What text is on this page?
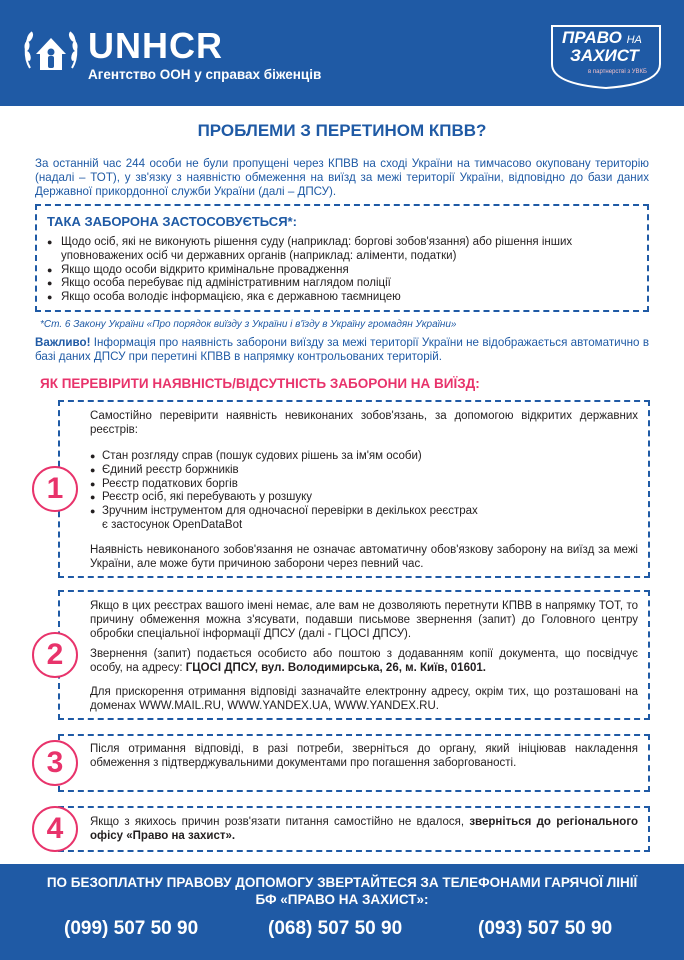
UNHCR
Агентство ООН у справах біженців
ПРАВО НА
ЗАХИСТ
в партнерстві з УВКБ
ПРОБЛЕМИ З ПЕРЕТИНОМ КПВВ?
За останній час 244 особи не були пропущені через КПВВ на сході України на тимчасово окуповану територію (надалі – ТОТ), у зв'язку з наявністю обмеження на виїзд за межі території України, відповідно до бази даних Державної прикордонної служби України (далі – ДПСУ).
ТАКА ЗАБОРОНА ЗАСТОСОВУЄТЬСЯ*:
● Щодо осіб, які не виконують рішення суду (наприклад: боргові зобов'язання) або рішення інших уповноважених осіб чи державних органів (наприклад: аліменти, податки)
● Якщо щодо особи відкрито кримінальне провадження
● Якщо особа перебуває під адміністративним наглядом поліції
● Якщо особа володіє інформацією, яка є державною таємницею
*Ст. 6 Закону України «Про порядок виїзду з України і в'їзду в Україну громадян України»
Важливо! Інформація про наявність заборони виїзду за межі території України не відображається автоматично в базі даних ДПСУ при перетині КПВВ в напрямку контрольованих територій.
ЯК ПЕРЕВІРИТИ НАЯВНІСТЬ/ВІДСУТНІСТЬ ЗАБОРОНИ НА ВИЇЗД:
Самостійно перевірити наявність невиконаних зобов'язань, за допомогою відкритих державних реєстрів:
● Стан розгляду справ (пошук судових рішень за ім'ям особи)
● Єдиний реєстр боржників
● Реєстр податкових боргів
● Реєстр осіб, які перебувають у розшуку
● Зручним інструментом для одночасної перевірки в декількох реєстрах
є застосунок OpenDataBot
Наявність невиконаного зобов'язання не означає автоматичну обов'язкову заборону на виїзд за межі України, але може бути причиною заборони через певний час.
1
Якщо в цих реєстрах вашого імені немає, але вам не дозволяють перетнути КПВВ в напрямку ТОТ, то причину обмеження можна з'ясувати, подавши письмове звернення (запит) до Головного центру обробки спеціальної інформації ДПСУ (далі - ГЦОСІ ДПСУ).
Звернення (запит) подається особисто або поштою з додаванням копії документа, що посвідчує особу, на адресу: ГЦОСІ ДПСУ, вул. Володимирська, 26, м. Київ, 01601.
Для прискорення отримання відповіді зазначайте електронну адресу, окрім тих, що розташовані на доменах WWW.MAIL.RU, WWW.YANDEX.UA, WWW.YANDEX.RU.
2
Після отримання відповіді, в разі потреби, зверніться до органу, який ініціював накладення обмеження з підтверджувальними документами про погашення заборгованості.
3
Якщо з якихось причин розв'язати питання самостійно не вдалося, зверніться до регіонального офісу «Право на захист».
4
ПО БЕЗОПЛАТНУ ПРАВОВУ ДОПОМОГУ ЗВЕРТАЙТЕСЯ ЗА ТЕЛЕФОНАМИ ГАРЯЧОЇ ЛІНІЇ
БФ «ПРАВО НА ЗАХИСТ»:
(099) 507 50 90	(068) 507 50 90	(093) 507 50 90
